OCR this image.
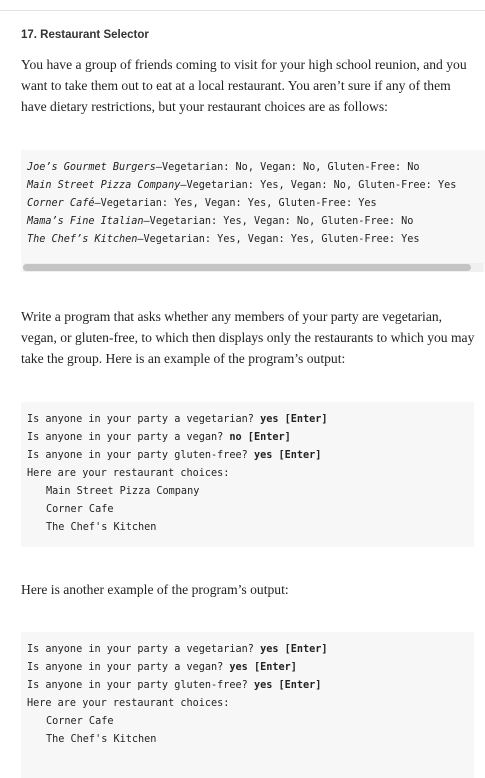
17. Restaurant Selector
You have a group of friends coming to visit for your high school reunion, and you want to take them out to eat at a local restaurant. You aren’t sure if any of them have dietary restrictions, but your restaurant choices are as follows:
Joe’s Gourmet Burgers—Vegetarian: No, Vegan: No, Gluten-Free: No
Main Street Pizza Company—Vegetarian: Yes, Vegan: No, Gluten-Free: Yes
Corner Café—Vegetarian: Yes, Vegan: Yes, Gluten-Free: Yes
Mama’s Fine Italian—Vegetarian: Yes, Vegan: No, Gluten-Free: No
The Chef’s Kitchen—Vegetarian: Yes, Vegan: Yes, Gluten-Free: Yes
Write a program that asks whether any members of your party are vegetarian, vegan, or gluten-free, to which then displays only the restaurants to which you may take the group. Here is an example of the program’s output:
Is anyone in your party a vegetarian? yes [Enter]
Is anyone in your party a vegan? no [Enter]
Is anyone in your party gluten-free? yes [Enter]
Here are your restaurant choices:
Main Street Pizza Company
Corner Cafe
The Chef's Kitchen
Here is another example of the program’s output:
Is anyone in your party a vegetarian? yes [Enter]
Is anyone in your party a vegan? yes [Enter]
Is anyone in your party gluten-free? yes [Enter]
Here are your restaurant choices:
Corner Cafe
The Chef's Kitchen
